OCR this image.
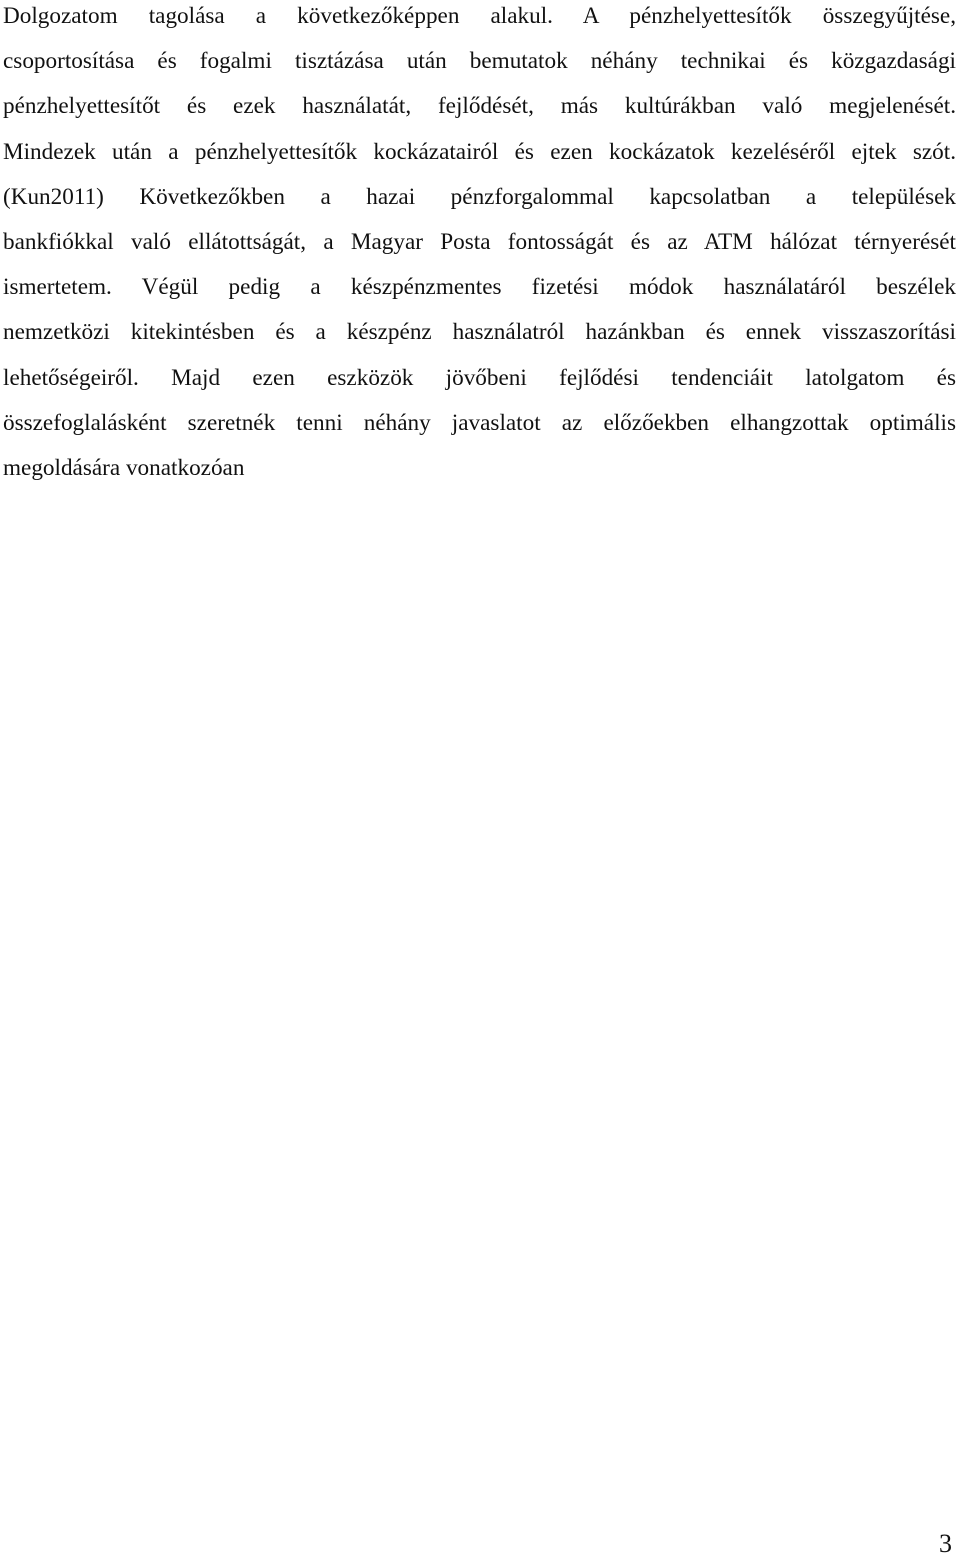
Dolgozatom tagolása a következőképpen alakul. A pénzhelyettesítők összegyűjtése,
csoportosítása és fogalmi tisztázása után bemutatok néhány technikai és közgazdasági
pénzhelyettesítőt és ezek használatát, fejlődését, más kultúrákban való megjelenését.
Mindezek után a pénzhelyettesítők kockázatairól és ezen kockázatok kezeléséről ejtek szót.
(Kun2011) Következőkben a hazai pénzforgalommal kapcsolatban a települések
bankfiókkal való ellátottságát, a Magyar Posta fontosságát és az ATM hálózat térnyerését
ismertetem. Végül pedig a készpénzmentes fizetési módok használatáról beszélek
nemzetközi kitekintésben és a készpénz használatról hazánkban és ennek visszaszorítási
lehetőségeiről. Majd ezen eszközök jövőbeni fejlődési tendenciáit latolgatom és
összefoglalásként szeretnék tenni néhány javaslatot az előzőekben elhangzottak optimális
megoldására vonatkozóan

3
